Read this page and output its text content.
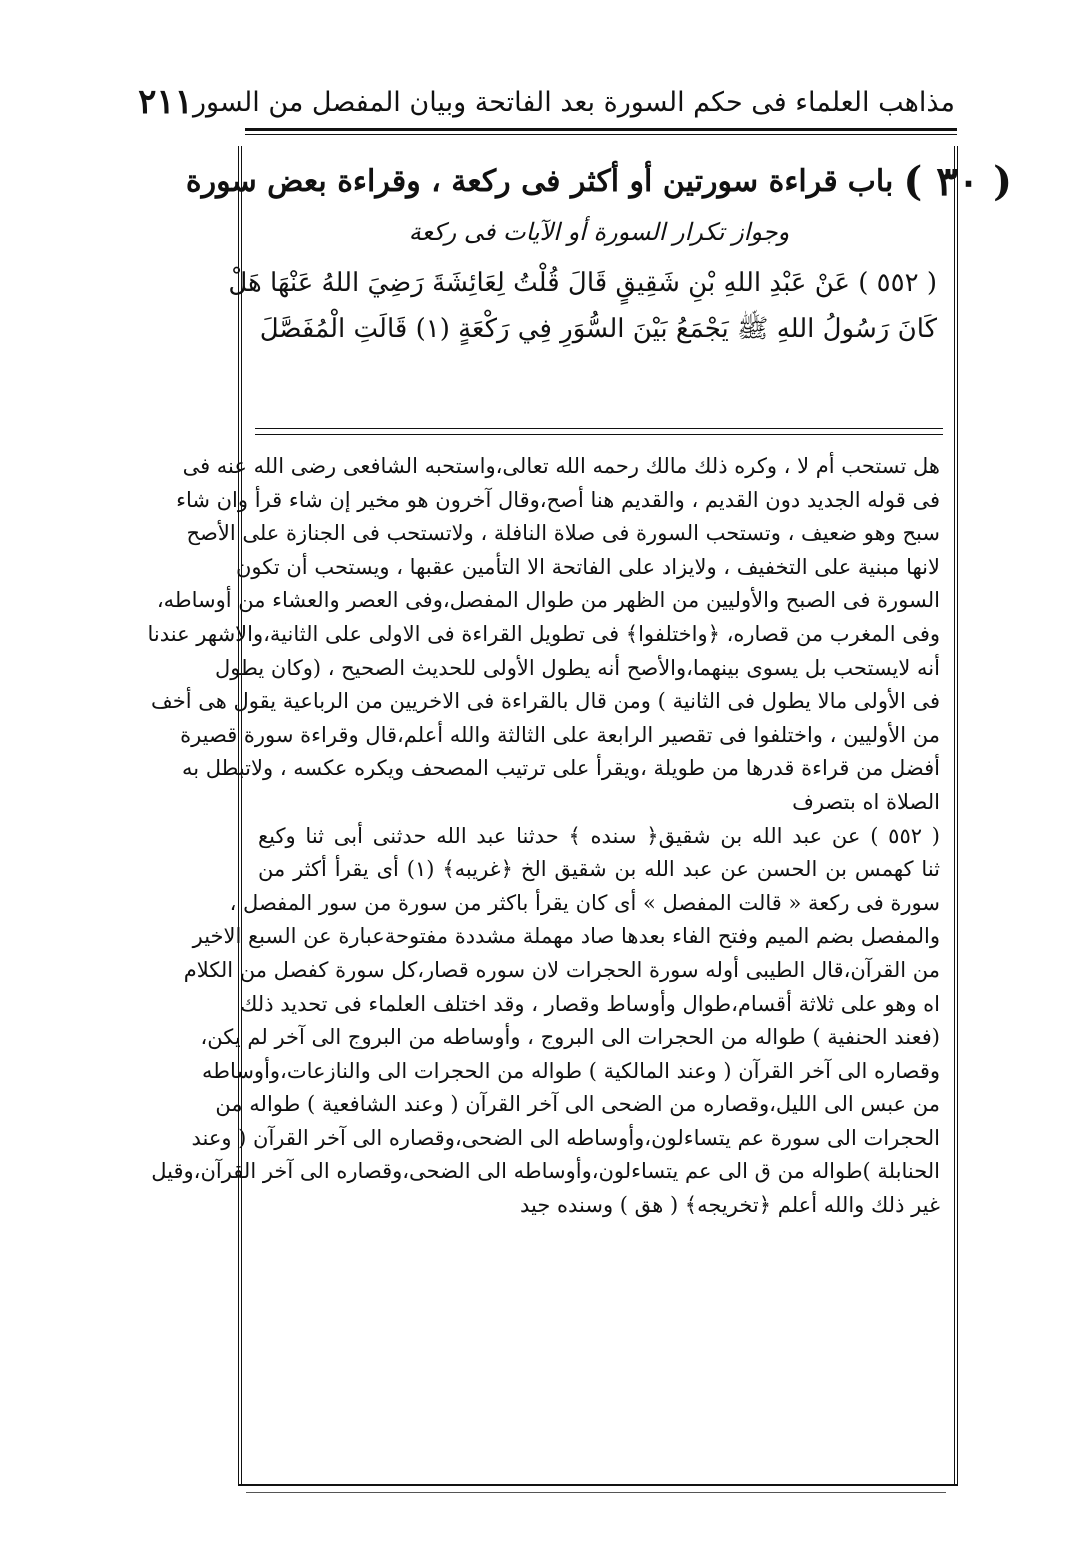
مذاهب العلماء فى حكم السورة بعد الفاتحة وبيان المفصل من السور
٢١١
( ٣٠ )
باب
قراءة سورتين أو أكثر فى ركعة ، وقراءة بعض سورة
وجواز تكرار السورة أو الآيات فى ركعة

( ٥٥٢ ) عَنْ عَبْدِ اللهِ بْنِ شَقِيقٍ قَالَ قُلْتُ لِعَائِشَةَ رَضِيَ اللهُ عَنْهَا هَلْ

كَانَ رَسُولُ اللهِ ﷺ يَجْمَعُ بَيْنَ السُّوَرِ فِي رَكْعَةٍ (١) قَالَتِ الْمُفَصَّلَ

هل تستحب أم لا ، وكره ذلك مالك رحمه الله تعالى،واستحبه الشافعى رضى الله عنه فى

فى قوله الجديد دون القديم ، والقديم هنا أصح،وقال آخرون هو مخير إن شاء قرأ وان شاء

سبح وهو ضعيف ، وتستحب السورة فى صلاة النافلة ، ولاتستحب فى الجنازة على الأصح

لانها مبنية على التخفيف ، ولايزاد على الفاتحة الا التأمين عقبها ، ويستحب أن تكون

السورة فى الصبح والأوليين من الظهر من طوال المفصل،وفى العصر والعشاء من أوساطه،

وفى المغرب من قصاره، ﴿واختلفوا﴾ فى تطويل القراءة فى الاولى على الثانية،والاشهر عندنا

أنه لايستحب بل يسوى بينهما،والأصح أنه يطول الأولى للحديث الصحيح ، (وكان يطول

فى الأولى مالا يطول فى الثانية ) ومن قال بالقراءة فى الاخريين من الرباعية يقول هى أخف

من الأوليين ، واختلفوا فى تقصير الرابعة على الثالثة والله أعلم،قال وقراءة سورة قصيرة

أفضل من قراءة قدرها من طويلة ،ويقرأ على ترتيب المصحف ويكره عكسه ، ولاتبطل به

الصلاة اه بتصرف

( ٥٥٢ ) عن عبد الله بن شقيق﴿ سنده ﴾ حدثنا عبد الله حدثنى أبى ثنا وكيع

ثنا كهمس بن الحسن عن عبد الله بن شقيق الخ ﴿غريبه﴾ (١) أى يقرأ أكثر من

سورة فى ركعة « قالت المفصل » أى كان يقرأ باكثر من سورة من سور المفصل ،

والمفصل بضم الميم وفتح الفاء بعدها صاد مهملة مشددة مفتوحةعبارة عن السبع الاخير

من القرآن،قال الطيبى أوله سورة الحجرات لان سوره قصار،كل سورة كفصل من الكلام

اه وهو على ثلاثة أقسام،طوال وأوساط وقصار ، وقد اختلف العلماء فى تحديد ذلك

(فعند الحنفية ) طواله من الحجرات الى البروج ، وأوساطه من البروج الى آخر لم يكن،

وقصاره الى آخر القرآن ( وعند المالكية ) طواله من الحجرات الى والنازعات،وأوساطه

من عبس الى الليل،وقصاره من الضحى الى آخر القرآن ( وعند الشافعية ) طواله من

الحجرات الى سورة عم يتساءلون،وأوساطه الى الضحى،وقصاره الى آخر القرآن ( وعند

الحنابلة )طواله من ق الى عم يتساءلون،وأوساطه الى الضحى،وقصاره الى آخر القرآن،وقيل

غير ذلك والله أعلم ﴿تخريجه﴾ ( هق ) وسنده جيد
